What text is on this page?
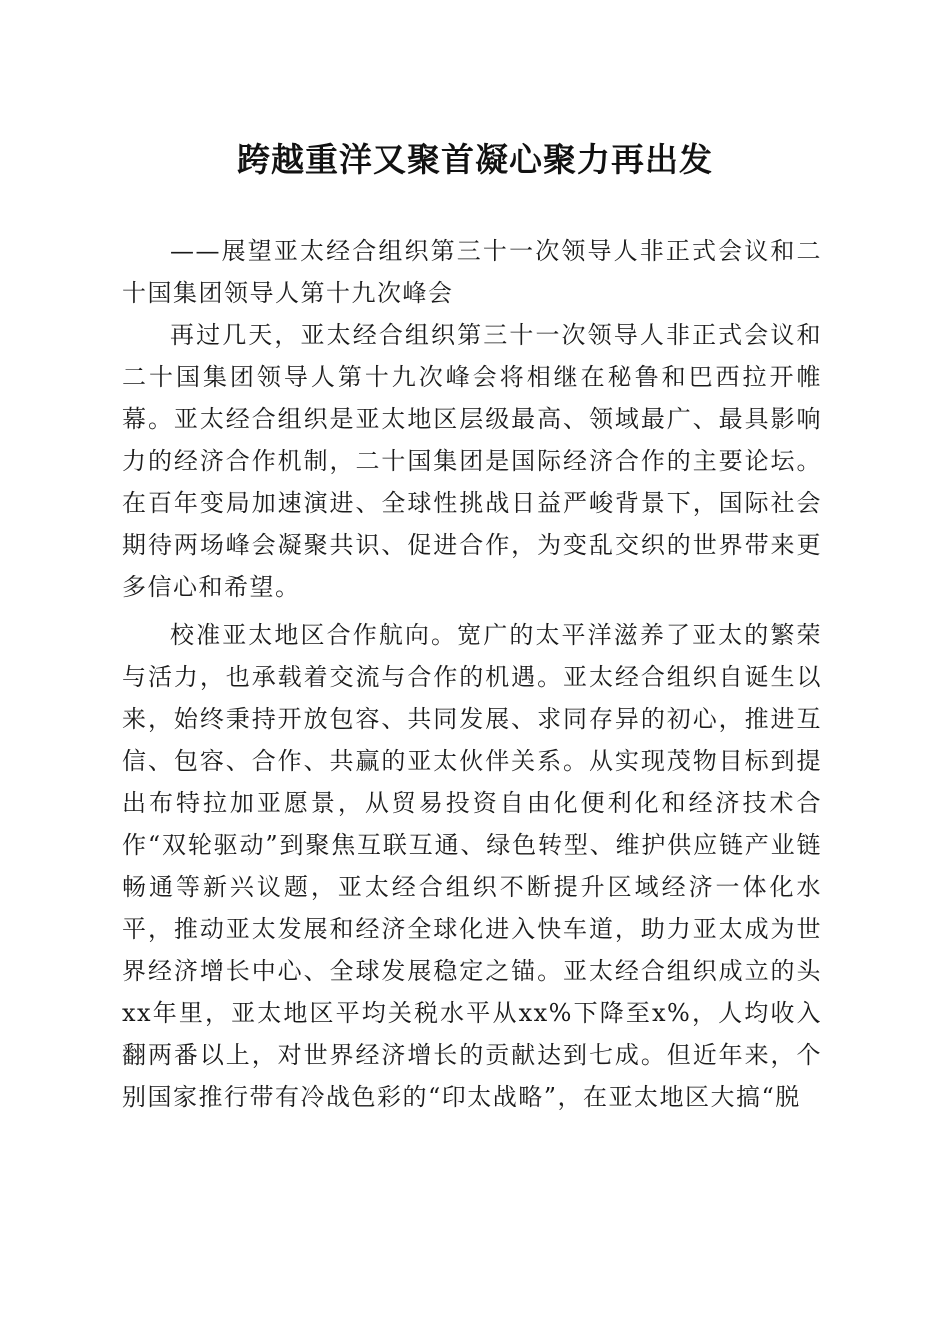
跨越重洋又聚首凝心聚力再出发

——展望亚太经合组织第三十一次领导人非正式会议和二十国集团领导人第十九次峰会

再过几天，亚太经合组织第三十一次领导人非正式会议和二十国集团领导人第十九次峰会将相继在秘鲁和巴西拉开帷幕。亚太经合组织是亚太地区层级最高、领域最广、最具影响力的经济合作机制，二十国集团是国际经济合作的主要论坛。在百年变局加速演进、全球性挑战日益严峻背景下，国际社会期待两场峰会凝聚共识、促进合作，为变乱交织的世界带来更多信心和希望。

校准亚太地区合作航向。宽广的太平洋滋养了亚太的繁荣与活力，也承载着交流与合作的机遇。亚太经合组织自诞生以来，始终秉持开放包容、共同发展、求同存异的初心，推进互信、包容、合作、共赢的亚太伙伴关系。从实现茂物目标到提出布特拉加亚愿景，从贸易投资自由化便利化和经济技术合作“双轮驱动”到聚焦互联互通、绿色转型、维护供应链产业链畅通等新兴议题，亚太经合组织不断提升区域经济一体化水平，推动亚太发展和经济全球化进入快车道，助力亚太成为世界经济增长中心、全球发展稳定之锚。亚太经合组织成立的头xx年里，亚太地区平均关税水平从xx%下降至x%，人均收入翻两番以上，对世界经济增长的贡献达到七成。但近年来，个别国家推行带有冷战色彩的“印太战略”，在亚太地区大搞“脱
